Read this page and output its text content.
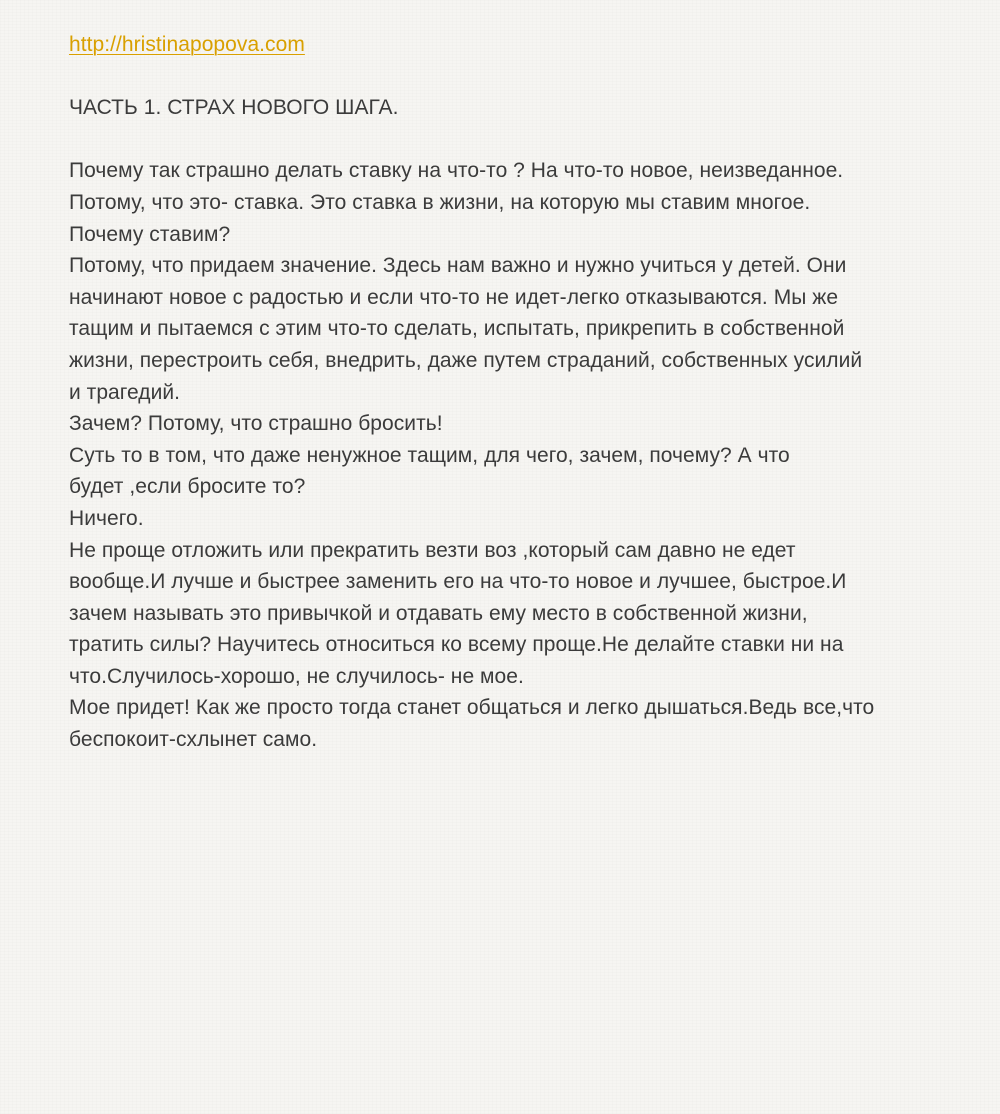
http://hristinapopova.com
ЧАСТЬ 1. СТРАХ НОВОГО ШАГА.
Почему так страшно делать ставку на что-то ? На что-то новое, неизведанное.
Потому, что это- ставка. Это ставка в жизни, на которую мы ставим многое.
Почему ставим?
Потому, что придаем значение. Здесь нам важно и нужно учиться у детей. Они
начинают новое с радостью и если что-то не идет-легко отказываются. Мы же
тащим и пытаемся с этим что-то сделать, испытать, прикрепить в собственной
жизни, перестроить себя, внедрить, даже путем страданий, собственных усилий
и трагедий.
Зачем? Потому, что страшно бросить!
Суть то в том, что даже ненужное тащим, для чего, зачем, почему? А что
будет ,если бросите то?
Ничего.
Не проще отложить или прекратить везти воз ,который сам давно не едет
вообще.И лучше и быстрее заменить его на что-то новое и лучшее, быстрое.И
зачем называть это привычкой и отдавать ему место в собственной жизни,
тратить силы? Научитесь относиться ко всему проще.Не делайте ставки ни на
что.Случилось-хорошо, не случилось- не мое.
Мое придет! Как же просто тогда станет общаться и легко дышаться.Ведь все,что
беспокоит-схлынет само.
